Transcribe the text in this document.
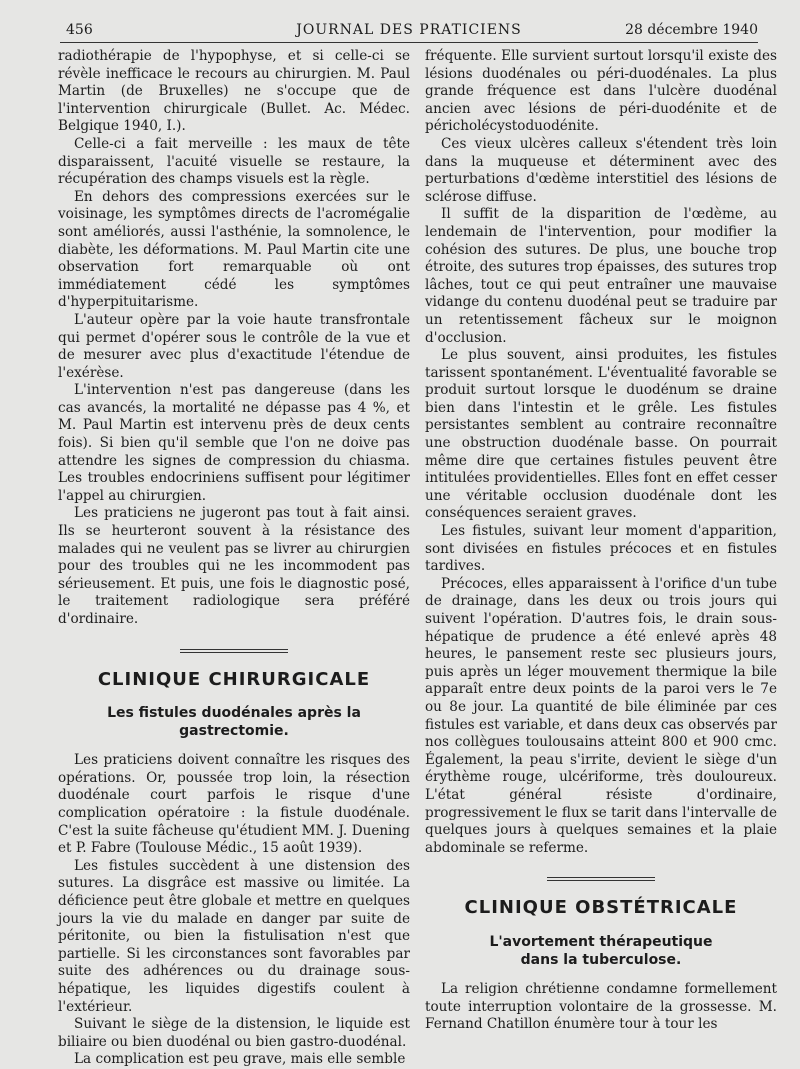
456	JOURNAL DES PRATICIENS	28 décembre 1940

radiothérapie de l'hypophyse, et si celle-ci se révèle inefficace le recours au chirurgien. M. Paul Martin (de Bruxelles) ne s'occupe que de l'intervention chirurgicale (Bullet. Ac. Médec. Belgique 1940, I.).

Celle-ci a fait merveille : les maux de tête disparaissent, l'acuité visuelle se restaure, la récupération des champs visuels est la règle.

En dehors des compressions exercées sur le voisinage, les symptômes directs de l'acromégalie sont améliorés, aussi l'asthénie, la somnolence, le diabète, les déformations. M. Paul Martin cite une observation fort remarquable où ont immédiatement cédé les symptômes d'hyperpituitarisme.

L'auteur opère par la voie haute transfrontale qui permet d'opérer sous le contrôle de la vue et de mesurer avec plus d'exactitude l'étendue de l'exérèse.

L'intervention n'est pas dangereuse (dans les cas avancés, la mortalité ne dépasse pas 4 %, et M. Paul Martin est intervenu près de deux cents fois). Si bien qu'il semble que l'on ne doive pas attendre les signes de compression du chiasma. Les troubles endocriniens suffisent pour légitimer l'appel au chirurgien.

Les praticiens ne jugeront pas tout à fait ainsi. Ils se heurteront souvent à la résistance des malades qui ne veulent pas se livrer au chirurgien pour des troubles qui ne les incommodent pas sérieusement. Et puis, une fois le diagnostic posé, le traitement radiologique sera préféré d'ordinaire.

CLINIQUE CHIRURGICALE
Les fistules duodénales après la gastrectomie.

Les praticiens doivent connaître les risques des opérations. Or, poussée trop loin, la résection duodénale court parfois le risque d'une complication opératoire : la fistule duodénale. C'est la suite fâcheuse qu'étudient MM. J. Duening et P. Fabre (Toulouse Médic., 15 août 1939).

Les fistules succèdent à une distension des sutures. La disgrâce est massive ou limitée. La déficience peut être globale et mettre en quelques jours la vie du malade en danger par suite de péritonite, ou bien la fistulisation n'est que partielle. Si les circonstances sont favorables par suite des adhérences ou du drainage sous-hépatique, les liquides digestifs coulent à l'extérieur.

Suivant le siège de la distension, le liquide est biliaire ou bien duodénal ou bien gastro-duodénal.

La complication est peu grave, mais elle semble

fréquente. Elle survient surtout lorsqu'il existe des lésions duodénales ou péri-duodénales. La plus grande fréquence est dans l'ulcère duodénal ancien avec lésions de péri-duodénite et de péricholécystoduodénite.

Ces vieux ulcères calleux s'étendent très loin dans la muqueuse et déterminent avec des perturbations d'œdème interstitiel des lésions de sclérose diffuse.

Il suffit de la disparition de l'œdème, au lendemain de l'intervention, pour modifier la cohésion des sutures. De plus, une bouche trop étroite, des sutures trop épaisses, des sutures trop lâches, tout ce qui peut entraîner une mauvaise vidange du contenu duodénal peut se traduire par un retentissement fâcheux sur le moignon d'occlusion.

Le plus souvent, ainsi produites, les fistules tarissent spontanément. L'éventualité favorable se produit surtout lorsque le duodénum se draine bien dans l'intestin et le grêle. Les fistules persistantes semblent au contraire reconnaître une obstruction duodénale basse. On pourrait même dire que certaines fistules peuvent être intitulées providentielles. Elles font en effet cesser une véritable occlusion duodénale dont les conséquences seraient graves.

Les fistules, suivant leur moment d'apparition, sont divisées en fistules précoces et en fistules tardives.

Précoces, elles apparaissent à l'orifice d'un tube de drainage, dans les deux ou trois jours qui suivent l'opération. D'autres fois, le drain sous-hépatique de prudence a été enlevé après 48 heures, le pansement reste sec plusieurs jours, puis après un léger mouvement thermique la bile apparaît entre deux points de la paroi vers le 7e ou 8e jour. La quantité de bile éliminée par ces fistules est variable, et dans deux cas observés par nos collègues toulousains atteint 800 et 900 cmc. Également, la peau s'irrite, devient le siège d'un érythème rouge, ulcériforme, très douloureux. L'état général résiste d'ordinaire, progressivement le flux se tarit dans l'intervalle de quelques jours à quelques semaines et la plaie abdominale se referme.

CLINIQUE OBSTÉTRICALE
L'avortement thérapeutique
dans la tuberculose.

La religion chrétienne condamne formellement toute interruption volontaire de la grossesse. M. Fernand Chatillon énumère tour à tour les
